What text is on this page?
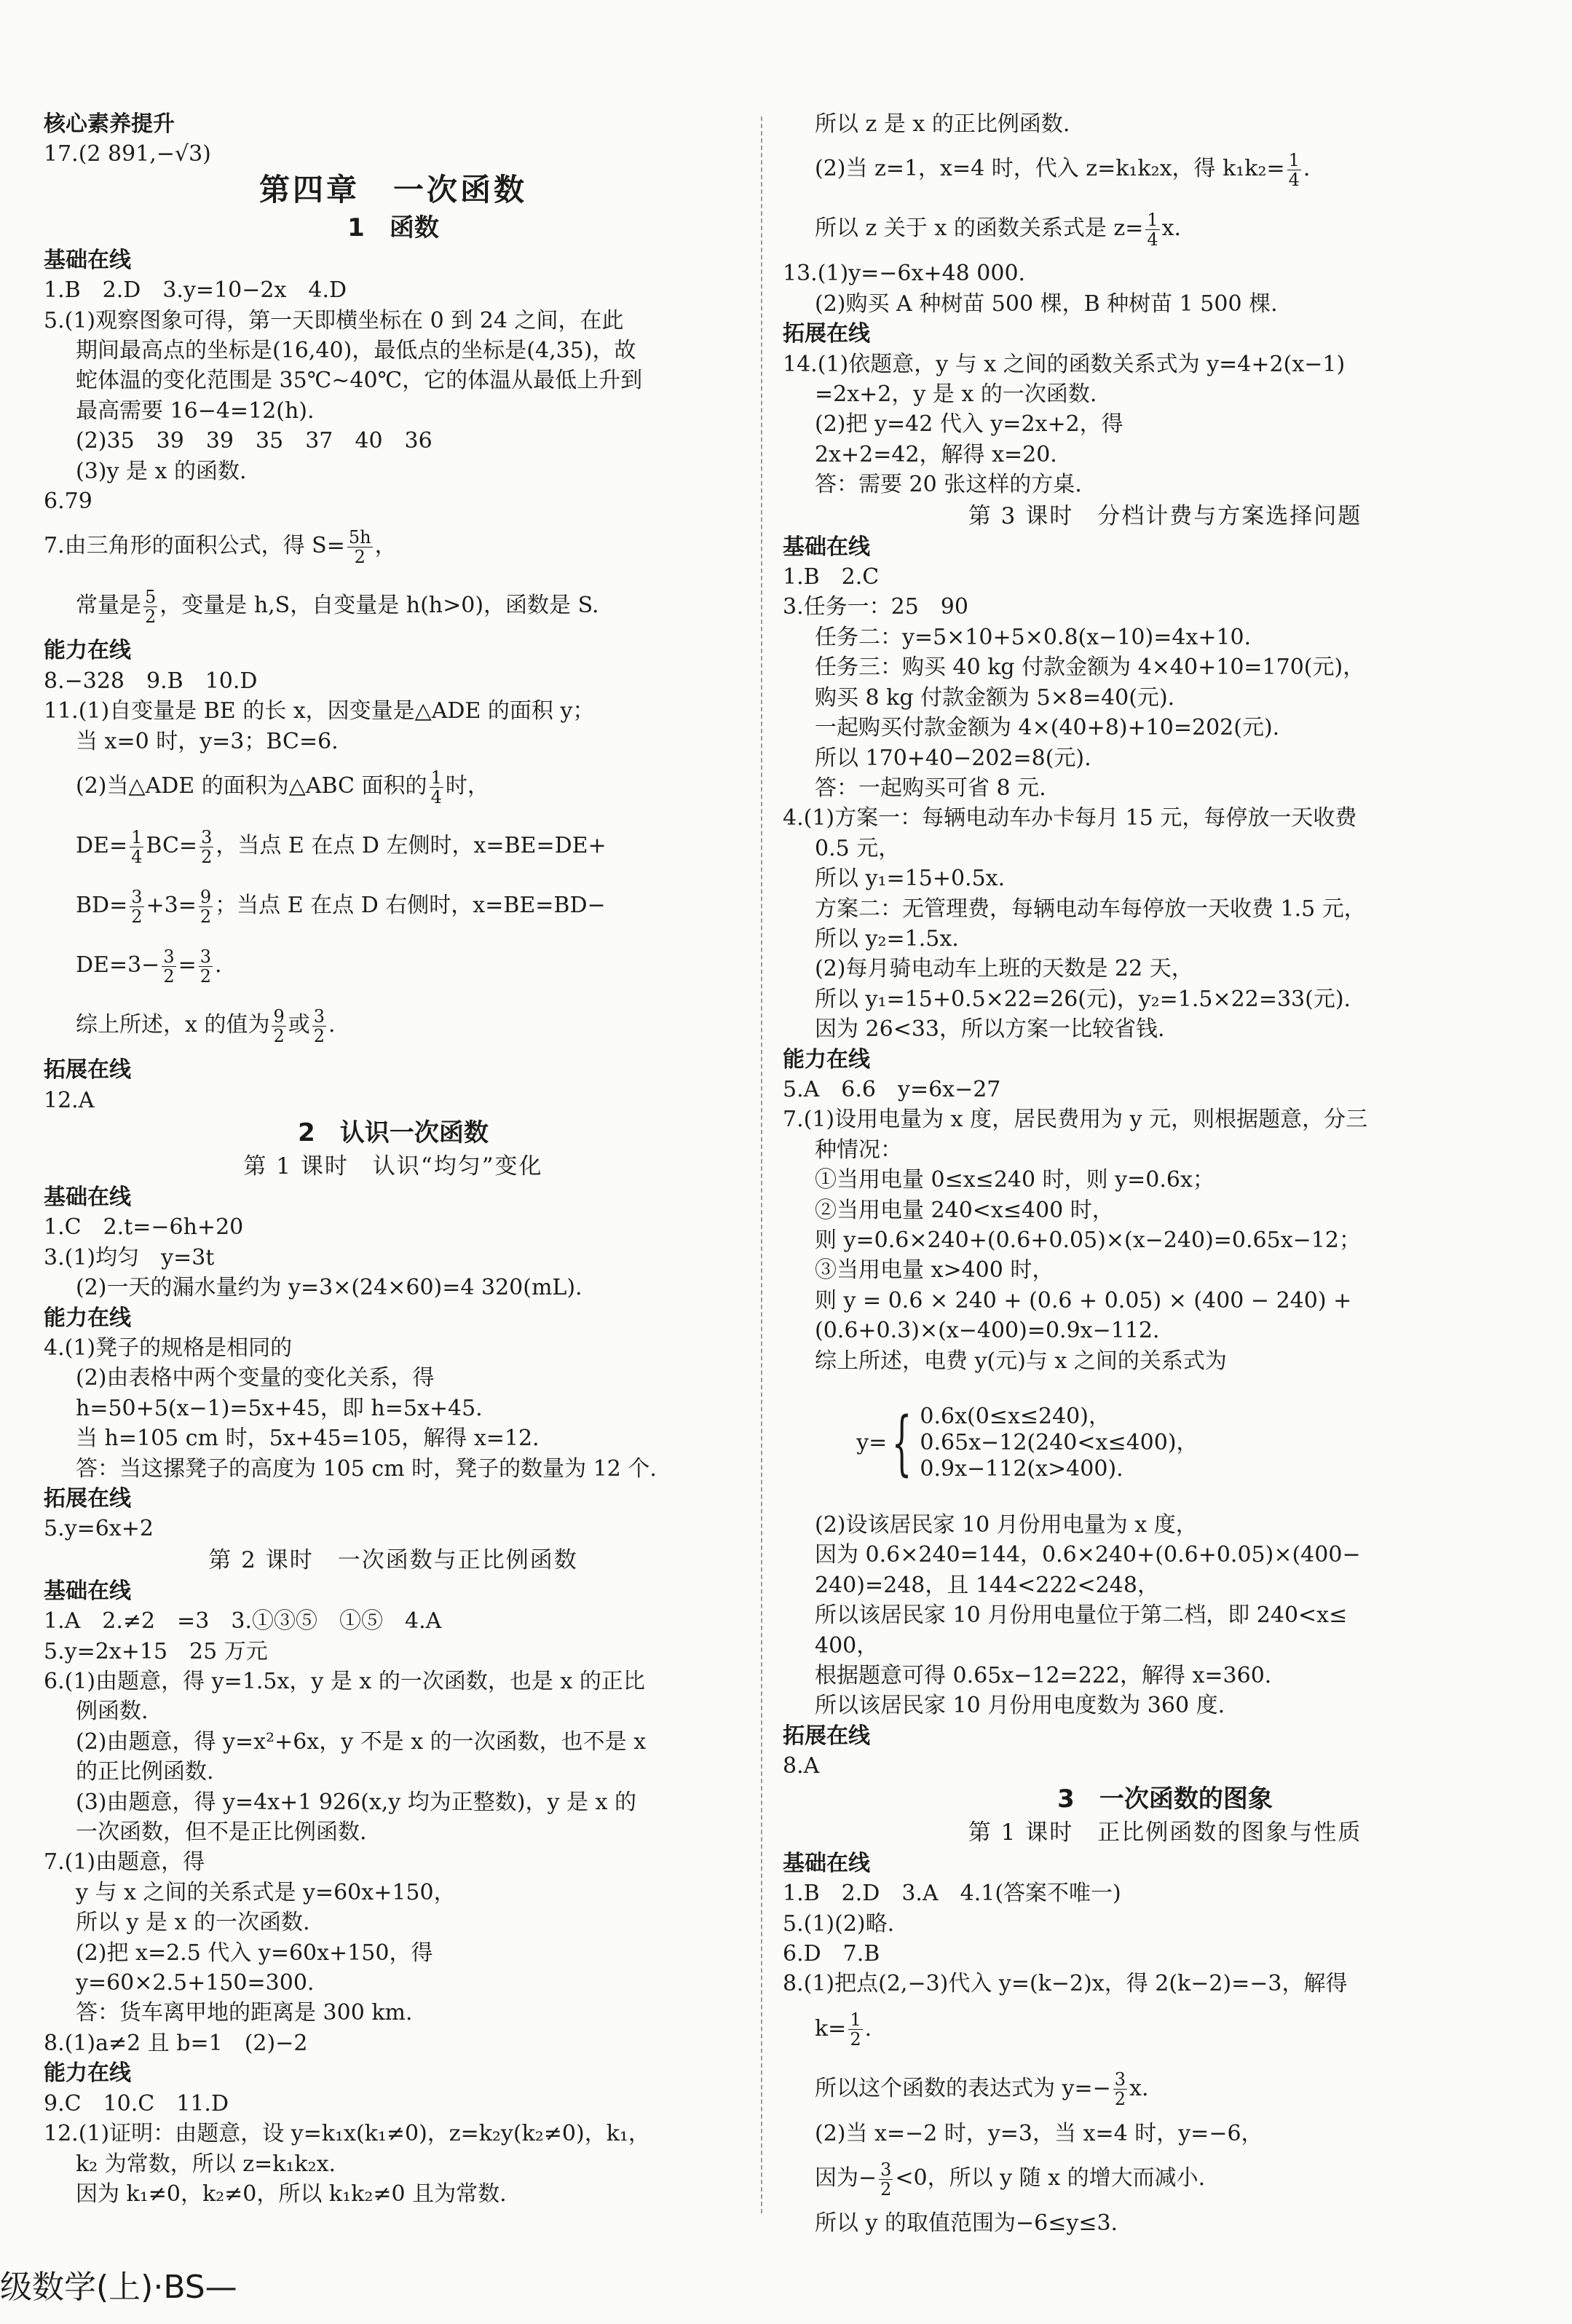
核心素养提升
17.(2 891,−√3)
第四章　一次函数
1　函数
基础在线
1.B　2.D　3.y=10−2x　4.D
5.(1)观察图象可得，第一天即横坐标在 0 到 24 之间，在此
期间最高点的坐标是(16,40)，最低点的坐标是(4,35)，故
蛇体温的变化范围是 35℃~40℃，它的体温从最低上升到
最高需要 16−4=12(h).
(2)35　39　39　35　37　40　36
(3)y 是 x 的函数.
6.79
7.由三角形的面积公式，得 $S= \frac{5h}{2}$ ，
常量是 $\frac{5}{2}$ ，变量是 h,S，自变量是 h(h>0)，函数是 S.
能力在线
8.−328　9.B　10.D
11.(1)自变量是 BE 的长 x，因变量是△ADE 的面积 y；
当 x=0 时，y=3；BC=6.
(2)当△ADE 的面积为△ABC 面积的 $\frac{1}{4}$ 时，
$DE= \frac{1}{4} BC= \frac{3}{2}$ ，当点 E 在点 D 左侧时，x=BE=DE+
$BD= \frac{3}{2} +3= \frac{9}{2}$ ；当点 E 在点 D 右侧时，x=BE=BD−
$DE=3- \frac{3}{2} = \frac{3}{2}$ .
综上所述，x 的值为 $\frac{9}{2}$ 或 $\frac{3}{2}$ .
拓展在线
12.A
2　认识一次函数
第 1 课时　认识“均匀”变化
基础在线
1.C　2.t=−6h+20
3.(1)均匀　y=3t
(2)一天的漏水量约为 y=3×(24×60)=4 320(mL).
能力在线
4.(1)凳子的规格是相同的
(2)由表格中两个变量的变化关系，得
h=50+5(x−1)=5x+45，即 h=5x+45.
当 h=105 cm 时，5x+45=105，解得 x=12.
答：当这摞凳子的高度为 105 cm 时，凳子的数量为 12 个.
拓展在线
5.y=6x+2
第 2 课时　一次函数与正比例函数
基础在线
1.A　2.≠2　=3　3.①③⑤　①⑤　4.A
5.y=2x+15　25 万元
6.(1)由题意，得 y=1.5x，y 是 x 的一次函数，也是 x 的正比
例函数.
(2)由题意，得 y=x²+6x，y 不是 x 的一次函数，也不是 x
的正比例函数.
(3)由题意，得 y=4x+1 926(x,y 均为正整数)，y 是 x 的
一次函数，但不是正比例函数.
7.(1)由题意，得
y 与 x 之间的关系式是 y=60x+150，
所以 y 是 x 的一次函数.
(2)把 x=2.5 代入 y=60x+150，得
y=60×2.5+150=300.
答：货车离甲地的距离是 300 km.
8.(1)a≠2 且 b=1　(2)−2
能力在线
9.C　10.C　11.D
12.(1)证明：由题意，设 y=k₁x(k₁≠0)，z=k₂y(k₂≠0)，k₁，
k₂ 为常数，所以 z=k₁k₂x.
因为 k₁≠0，k₂≠0，所以 k₁k₂≠0 且为常数.
所以 z 是 x 的正比例函数.
(2)当 z=1，x=4 时，代入 z=k₁k₂x，得 $k_1k_2= \frac{1}{4}$ .
所以 z 关于 x 的函数关系式是 $z= \frac{1}{4} x$.
13.(1)y=−6x+48 000.
(2)购买 A 种树苗 500 棵，B 种树苗 1 500 棵.
拓展在线
14.(1)依题意，y 与 x 之间的函数关系式为 y=4+2(x−1)
=2x+2，y 是 x 的一次函数.
(2)把 y=42 代入 y=2x+2，得
2x+2=42，解得 x=20.
答：需要 20 张这样的方桌.
第 3 课时　分档计费与方案选择问题
基础在线
1.B　2.C
3.任务一：25　90
任务二：y=5×10+5×0.8(x−10)=4x+10.
任务三：购买 40 kg 付款金额为 4×40+10=170(元)，
购买 8 kg 付款金额为 5×8=40(元).
一起购买付款金额为 4×(40+8)+10=202(元).
所以 170+40−202=8(元).
答：一起购买可省 8 元.
4.(1)方案一：每辆电动车办卡每月 15 元，每停放一天收费
0.5 元，
所以 y₁=15+0.5x.
方案二：无管理费，每辆电动车每停放一天收费 1.5 元，
所以 y₂=1.5x.
(2)每月骑电动车上班的天数是 22 天，
所以 y₁=15+0.5×22=26(元)，y₂=1.5×22=33(元).
因为 26<33，所以方案一比较省钱.
能力在线
5.A　6.6　y=6x−27
7.(1)设用电量为 x 度，居民费用为 y 元，则根据题意，分三
种情况：
①当用电量 0≤x≤240 时，则 y=0.6x；
②当用电量 240<x≤400 时，
则 y=0.6×240+(0.6+0.05)×(x−240)=0.65x−12；
③当用电量 x>400 时，
则 y = 0.6 × 240 + (0.6 + 0.05) × (400 − 240) +
(0.6+0.3)×(x−400)=0.9x−112.
综上所述，电费 y(元)与 x 之间的关系式为

y={ 0.6x(0≤x≤240)，
0.65x−12(240<x≤400)，
0.9x−112(x>400).

(2)设该居民家 10 月份用电量为 x 度，
因为 0.6×240=144，0.6×240+(0.6+0.05)×(400−
240)=248，且 144<222<248，
所以该居民家 10 月份用电量位于第二档，即 240<x≤
400，
根据题意可得 0.65x−12=222，解得 x=360.
所以该居民家 10 月份用电度数为 360 度.
拓展在线
8.A
3　一次函数的图象
第 1 课时　正比例函数的图象与性质
基础在线
1.B　2.D　3.A　4.1(答案不唯一)
5.(1)(2)略.
6.D　7.B
8.(1)把点(2,−3)代入 y=(k−2)x，得 2(k−2)=−3，解得
$k= \frac{1}{2}$ .
所以这个函数的表达式为 $y=- \frac{3}{2} x$.
(2)当 x=−2 时，y=3，当 x=4 时，y=−6，
因为− $\frac{3}{2} <0$，所以 y 随 x 的增大而减小.
所以 y 的取值范围为−6≤y≤3.
级数学(上)·BS—
